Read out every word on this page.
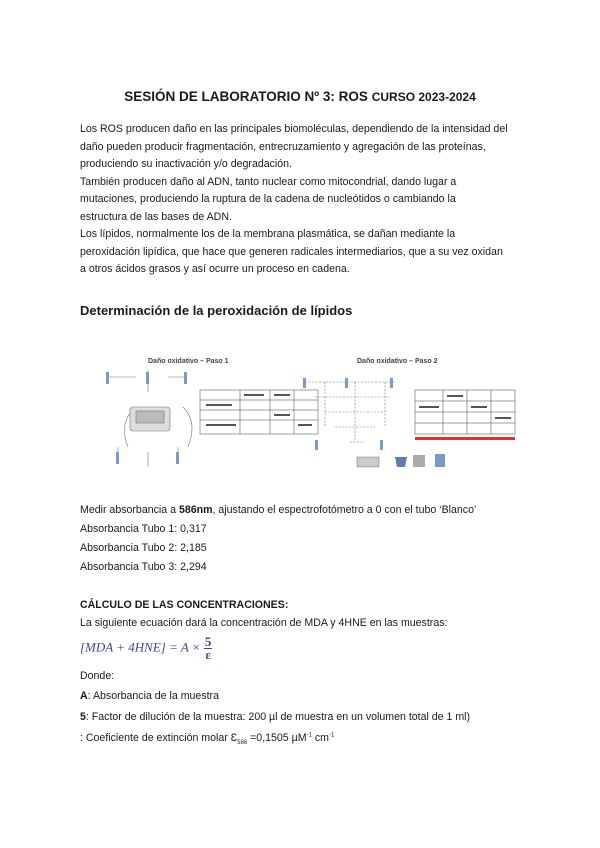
SESIÓN DE LABORATORIO Nº 3: ROS CURSO 2023-2024
Los ROS producen daño en las principales biomoléculas, dependiendo de la intensidad del
daño pueden producir fragmentación, entrecruzamiento y agregación de las proteínas,
produciendo su inactivación y/o degradación.
También producen daño al ADN, tanto nuclear como mitocondrial, dando lugar a
mutaciones, produciendo la ruptura de la cadena de nucleótidos o cambiando la
estructura de las bases de ADN.
Los lípidos, normalmente los de la membrana plasmática, se dañan mediante la
peroxidación lipídica, que hace que generen radicales intermediarios, que a su vez oxidan
a otros ácidos grasos y así ocurre un proceso en cadena.
Determinación de la peroxidación de lípidos
Daño oxidativo – Paso 1	Daño oxidativo – Paso 2
Medir absorbancia a 586nm, ajustando el espectrofotómetro a 0 con el tubo ‘Blanco’
Absorbancia Tubo 1: 0,317
Absorbancia Tubo 2: 2,185
Absorbancia Tubo 3: 2,294
CÁLCULO DE LAS CONCENTRACIONES:
La siguiente ecuación dará la concentración de MDA y 4HNE en las muestras:
$[MDA + 4HNE] = A \times \frac{5}{\varepsilon}$
Donde:
A: Absorbancia de la muestra
5: Factor de dilución de la muestra: 200 µl de muestra en un volumen total de 1 ml)
: Coeficiente de extinción molar $Ɛ_{586} =0,1505$ µM$^{-1}$ $cm^{-1}$
